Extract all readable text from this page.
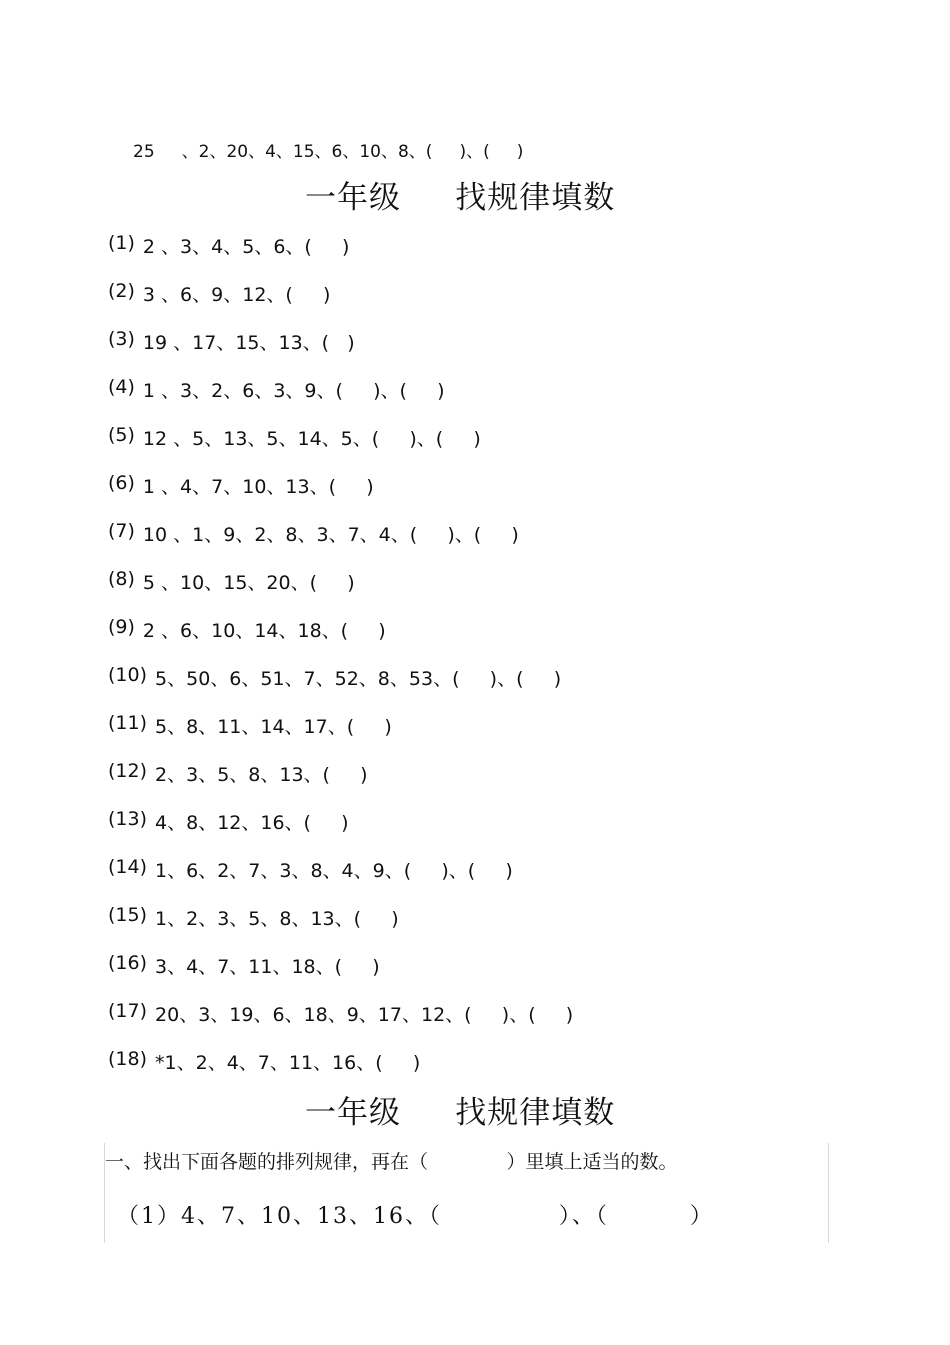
25     、2、20、4、15、6、10、8、(     )、(     )
一年级     找规律填数
(1) 2 、3、4、5、6、(     )
(2) 3 、6、9、12、(     )
(3) 19 、17、15、13、(   )
(4) 1 、3、2、6、3、9、(     )、(     )
(5) 12 、5、13、5、14、5、(     )、(     )
(6) 1 、4、7、10、13、(     )
(7) 10 、1、9、2、8、3、7、4、(     )、(     )
(8) 5 、10、15、20、(     )
(9) 2 、6、10、14、18、(     )
(10) 5、50、6、51、7、52、8、53、(     )、(     )
(11) 5、8、11、14、17、(     )
(12) 2、3、5、8、13、(     )
(13) 4、8、12、16、(     )
(14) 1、6、2、7、3、8、4、9、(     )、(     )
(15) 1、2、3、5、8、13、(     )
(16) 3、4、7、11、18、(     )
(17) 20、3、19、6、18、9、17、12、(     )、(     )
(18) *1、2、4、7、11、16、(     )
一年级     找规律填数
一、找出下面各题的排列规律，再在（             ）里填上适当的数。
（1）4、7、10、13、16、（             ）、（         ）
